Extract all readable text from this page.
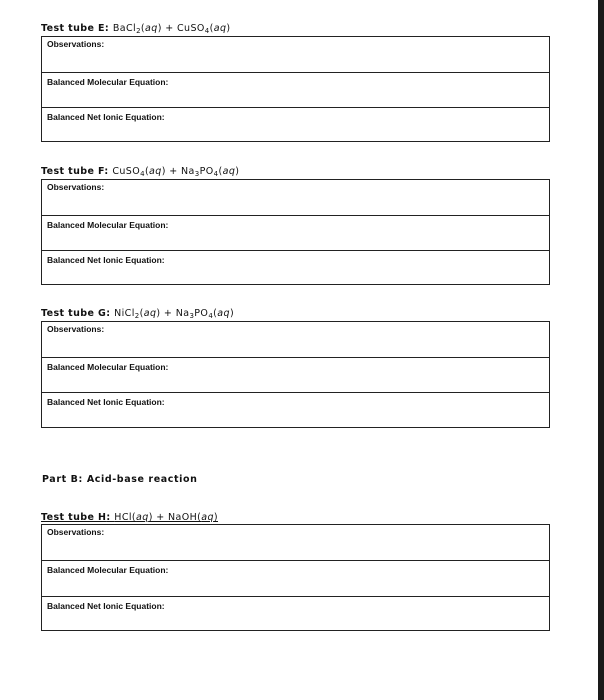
Test tube E: BaCl$_2$(aq) + CuSO$_4$(aq)
Observations:
Balanced Molecular Equation:
Balanced Net Ionic Equation:
Test tube F: CuSO$_4$(aq) + $Na_3PO_4(aq)$
Observations:
Balanced Molecular Equation:
Balanced Net Ionic Equation:
Test tube G: NiCl$_2$(aq) + $Na_3PO_4(aq)$
Observations:
Balanced Molecular Equation:
Balanced Net Ionic Equation:
Part B: Acid-base reaction
Test tube H: HCl(aq) + NaOH(aq)
Observations:
Balanced Molecular Equation:
Balanced Net Ionic Equation:
